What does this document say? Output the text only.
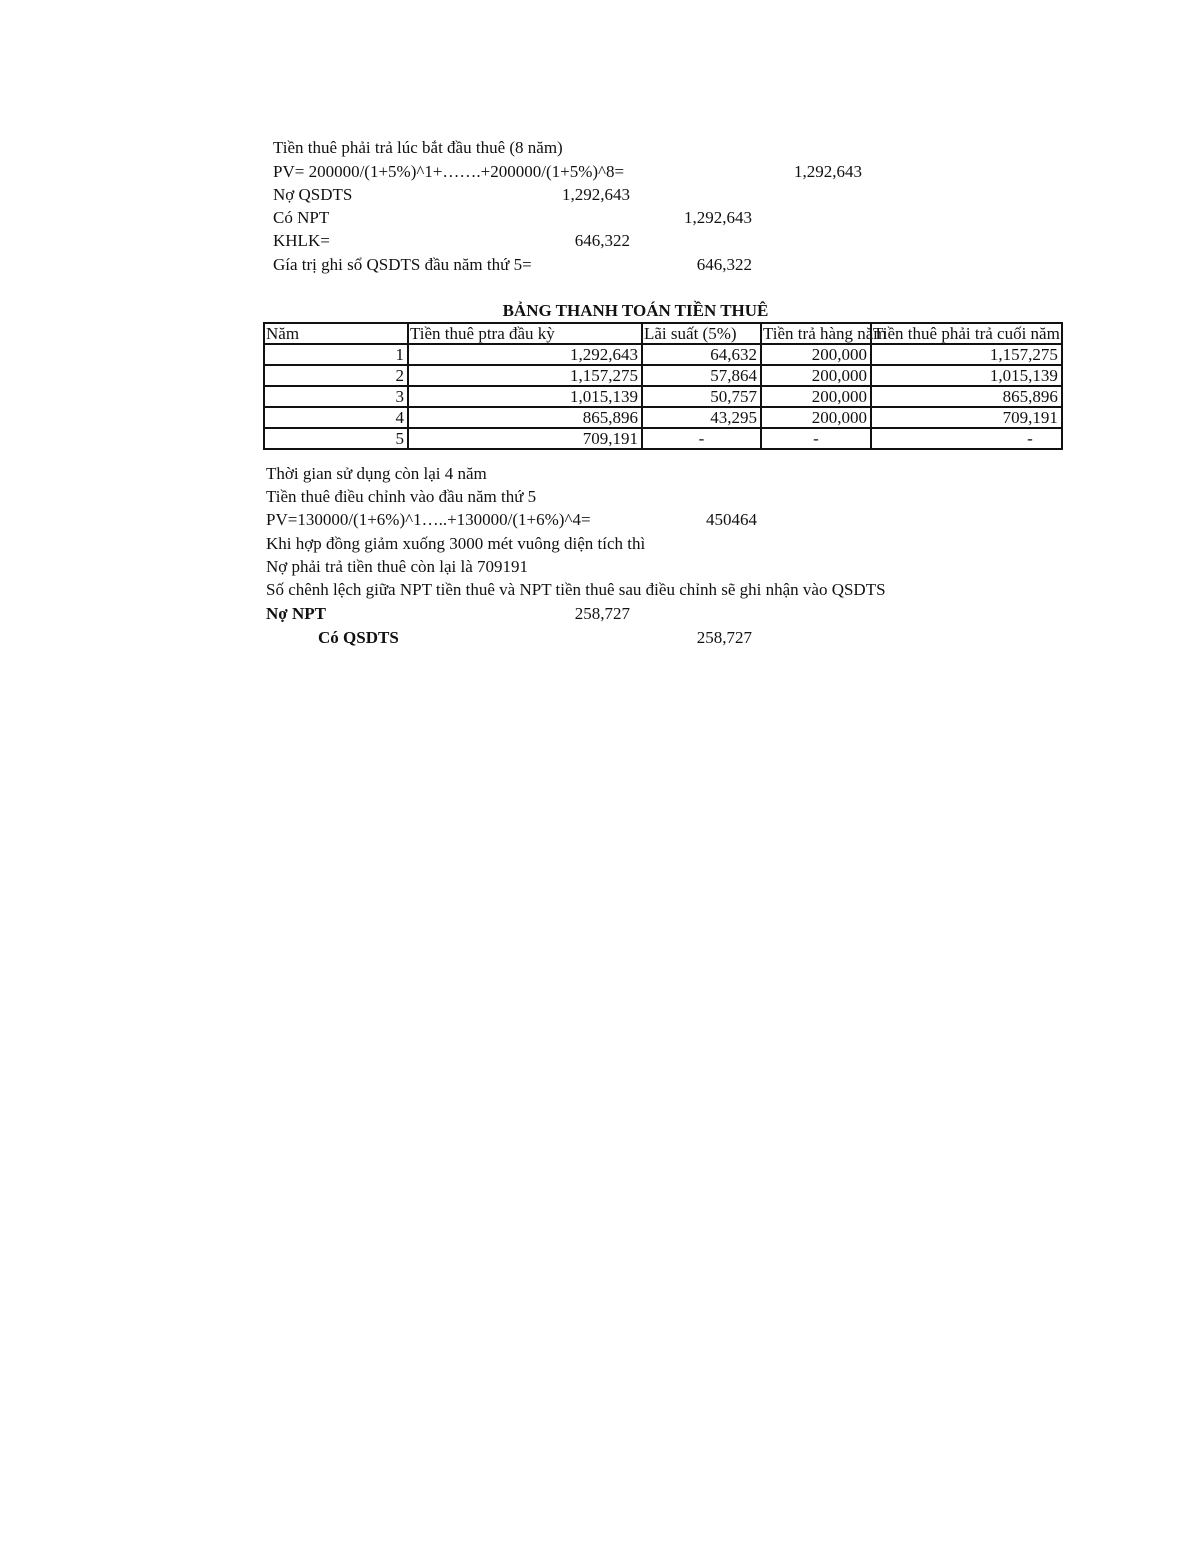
Tiền thuê phải trả lúc bắt đầu thuê (8 năm)
PV= 200000/(1+5%)^1+…….+200000/(1+5%)^8=	1,292,643
Nợ QSDTS	1,292,643
Có NPT	1,292,643
KHLK=	646,322
Gía trị ghi sổ QSDTS đầu năm thứ 5=	646,322
BẢNG THANH TOÁN TIỀN THUÊ
Năm	Tiền thuê ptra đầu kỳ	Lãi suất (5%)	Tiền trả hàng năm	Tiền thuê phải trả cuối năm

1	1,292,643	64,632	200,000	1,157,275
2	1,157,275	57,864	200,000	1,015,139
3	1,015,139	50,757	200,000	865,896
4	865,896	43,295	200,000	709,191
5	709,191	-	-	-
Thời gian sử dụng còn lại 4 năm
Tiền thuê điều chỉnh vào đầu năm thứ 5
PV=130000/(1+6%)^1…..+130000/(1+6%)^4=	450464
Khi hợp đồng giảm xuống 3000 mét vuông diện tích thì
Nợ phải trả tiền thuê còn lại là 709191
Số chênh lệch giữa NPT tiền thuê và NPT tiền thuê sau điều chỉnh sẽ ghi nhận vào QSDTS
Nợ NPT	258,727
Có QSDTS	258,727
